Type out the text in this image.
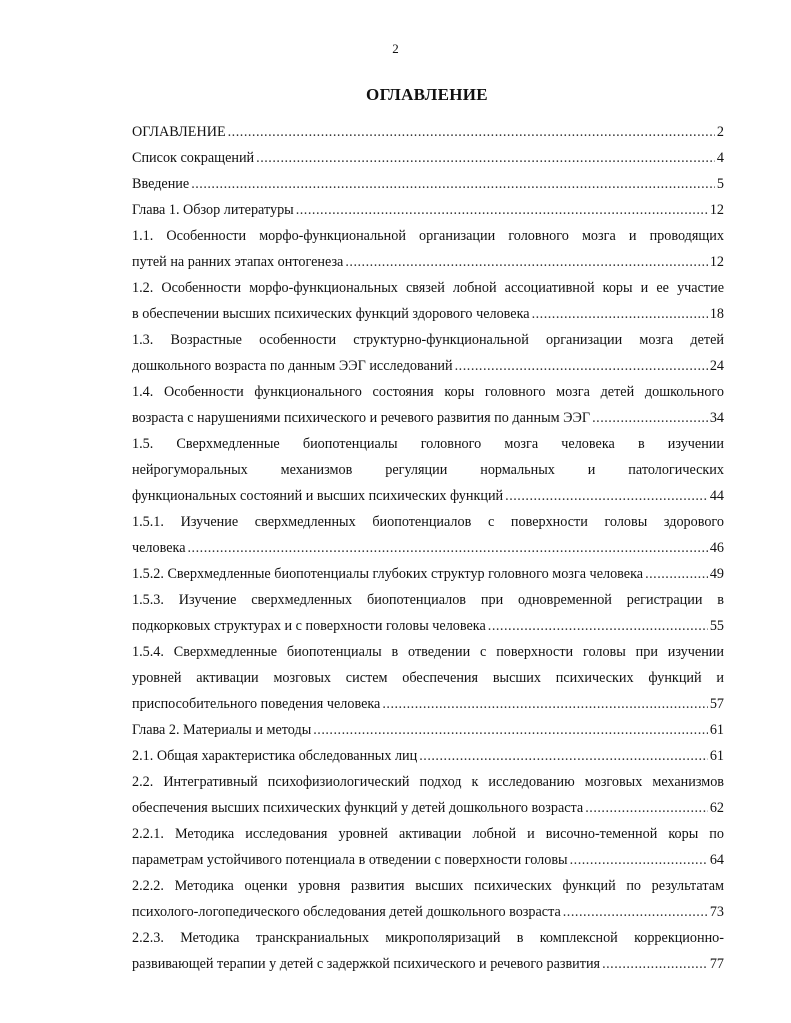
2
ОГЛАВЛЕНИЕ
ОГЛАВЛЕНИЕ .....	2
Список сокращений .....	4
Введение .....	5
Глава 1. Обзор литературы .....	12
1.1. Особенности морфо-функциональной организации головного мозга и проводящих
путей на ранних этапах онтогенеза .....	12
1.2. Особенности морфо-функциональных связей лобной ассоциативной коры и ее участие
в обеспечении высших психических функций здорового человека .....	18
1.3. Возрастные особенности структурно-функциональной организации мозга детей
дошкольного возраста по данным ЭЭГ исследований .....	24
1.4. Особенности функционального состояния коры головного мозга детей дошкольного
возраста с нарушениями психического и речевого развития по данным ЭЭГ .....	34
1.5. Сверхмедленные биопотенциалы головного мозга человека в изучении
нейрогуморальных механизмов регуляции нормальных и патологических
функциональных состояний и высших психических функций .....	44
1.5.1. Изучение сверхмедленных биопотенциалов с поверхности головы здорового
человека .....	46
1.5.2. Сверхмедленные биопотенциалы глубоких структур головного мозга человека .....	49
1.5.3. Изучение сверхмедленных биопотенциалов при одновременной регистрации в
подкорковых структурах и с поверхности головы человека .....	55
1.5.4. Сверхмедленные биопотенциалы в отведении с поверхности головы при изучении
уровней активации мозговых систем обеспечения высших психических функций и
приспособительного поведения человека .....	57
Глава 2. Материалы и методы .....	61
2.1. Общая характеристика обследованных лиц .....	61
2.2. Интегративный психофизиологический подход к исследованию мозговых механизмов
обеспечения высших психических функций у детей дошкольного возраста .....	62
2.2.1. Методика исследования уровней активации лобной и височно-теменной коры по
параметрам устойчивого потенциала в отведении с поверхности головы .....	64
2.2.2. Методика оценки уровня развития высших психических функций по результатам
психолого-логопедического обследования детей дошкольного возраста .....	73
2.2.3. Методика транскраниальных микрополяризаций в комплексной коррекционно-
развивающей терапии у детей с задержкой психического и речевого развития .....	77
